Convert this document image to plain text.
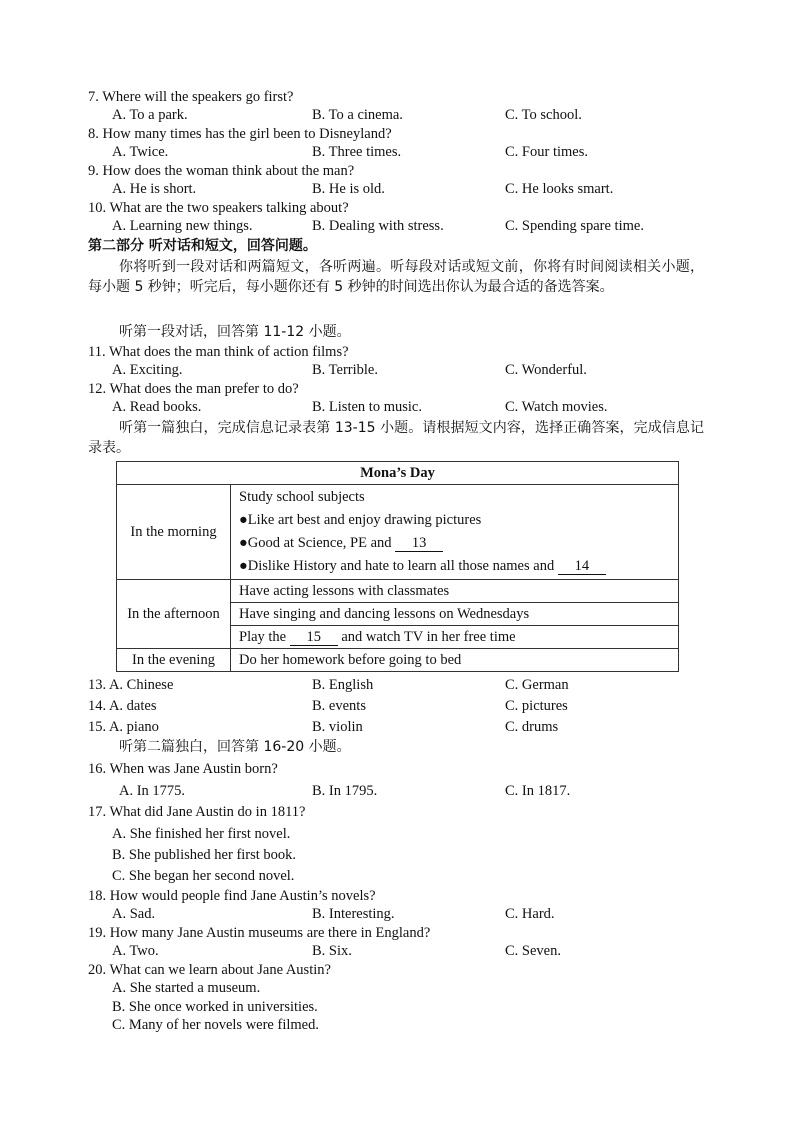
7. Where will the speakers go first?
A. To a park.	B. To a cinema.	C. To school.
8. How many times has the girl been to Disneyland?
A. Twice.	B. Three times.	C. Four times.
9. How does the woman think about the man?
A. He is short.	B. He is old.	C. He looks smart.
10. What are the two speakers talking about?
A. Learning new things.	B. Dealing with stress.	C. Spending spare time.
第二部分 听对话和短文，回答问题。
你将听到一段对话和两篇短文，各听两遍。听每段对话或短文前，你将有时间阅读相关小题，每小题 5 秒钟；听完后，每小题你还有 5 秒钟的时间选出你认为最合适的备选答案。
听第一段对话，回答第 11-12 小题。
11. What does the man think of action films?
A. Exciting.	B. Terrible.	C. Wonderful.
12. What does the man prefer to do?
A. Read books.	B. Listen to music.	C. Watch movies.
听第一篇独白，完成信息记录表第 13-15 小题。请根据短文内容，选择正确答案，完成信息记录表。
Mona’s Day	
In the morning	Study school subjects
●Like art best and enjoy drawing pictures
●Good at Science, PE and 13
●Dislike History and hate to learn all those names and 14

In the afternoon	Have acting lessons with classmates
	Have singing and dancing lessons on Wednesdays
	Play the 15 and watch TV in her free time
In the evening	Do her homework before going to bed
13. A. Chinese	B. English	C. German
14. A. dates	B. events	C. pictures
15. A. piano	B. violin	C. drums
听第二篇独白，回答第 16-20 小题。
16. When was Jane Austin born?
A. In 1775.	B. In 1795.	C. In 1817.
17. What did Jane Austin do in 1811?
A. She finished her first novel.
B. She published her first book.
C. She began her second novel.
18. How would people find Jane Austin’s novels?
A. Sad.	B. Interesting.	C. Hard.
19. How many Jane Austin museums are there in England?
A. Two.	B. Six.	C. Seven.
20. What can we learn about Jane Austin?
A. She started a museum.
B. She once worked in universities.
C. Many of her novels were filmed.
